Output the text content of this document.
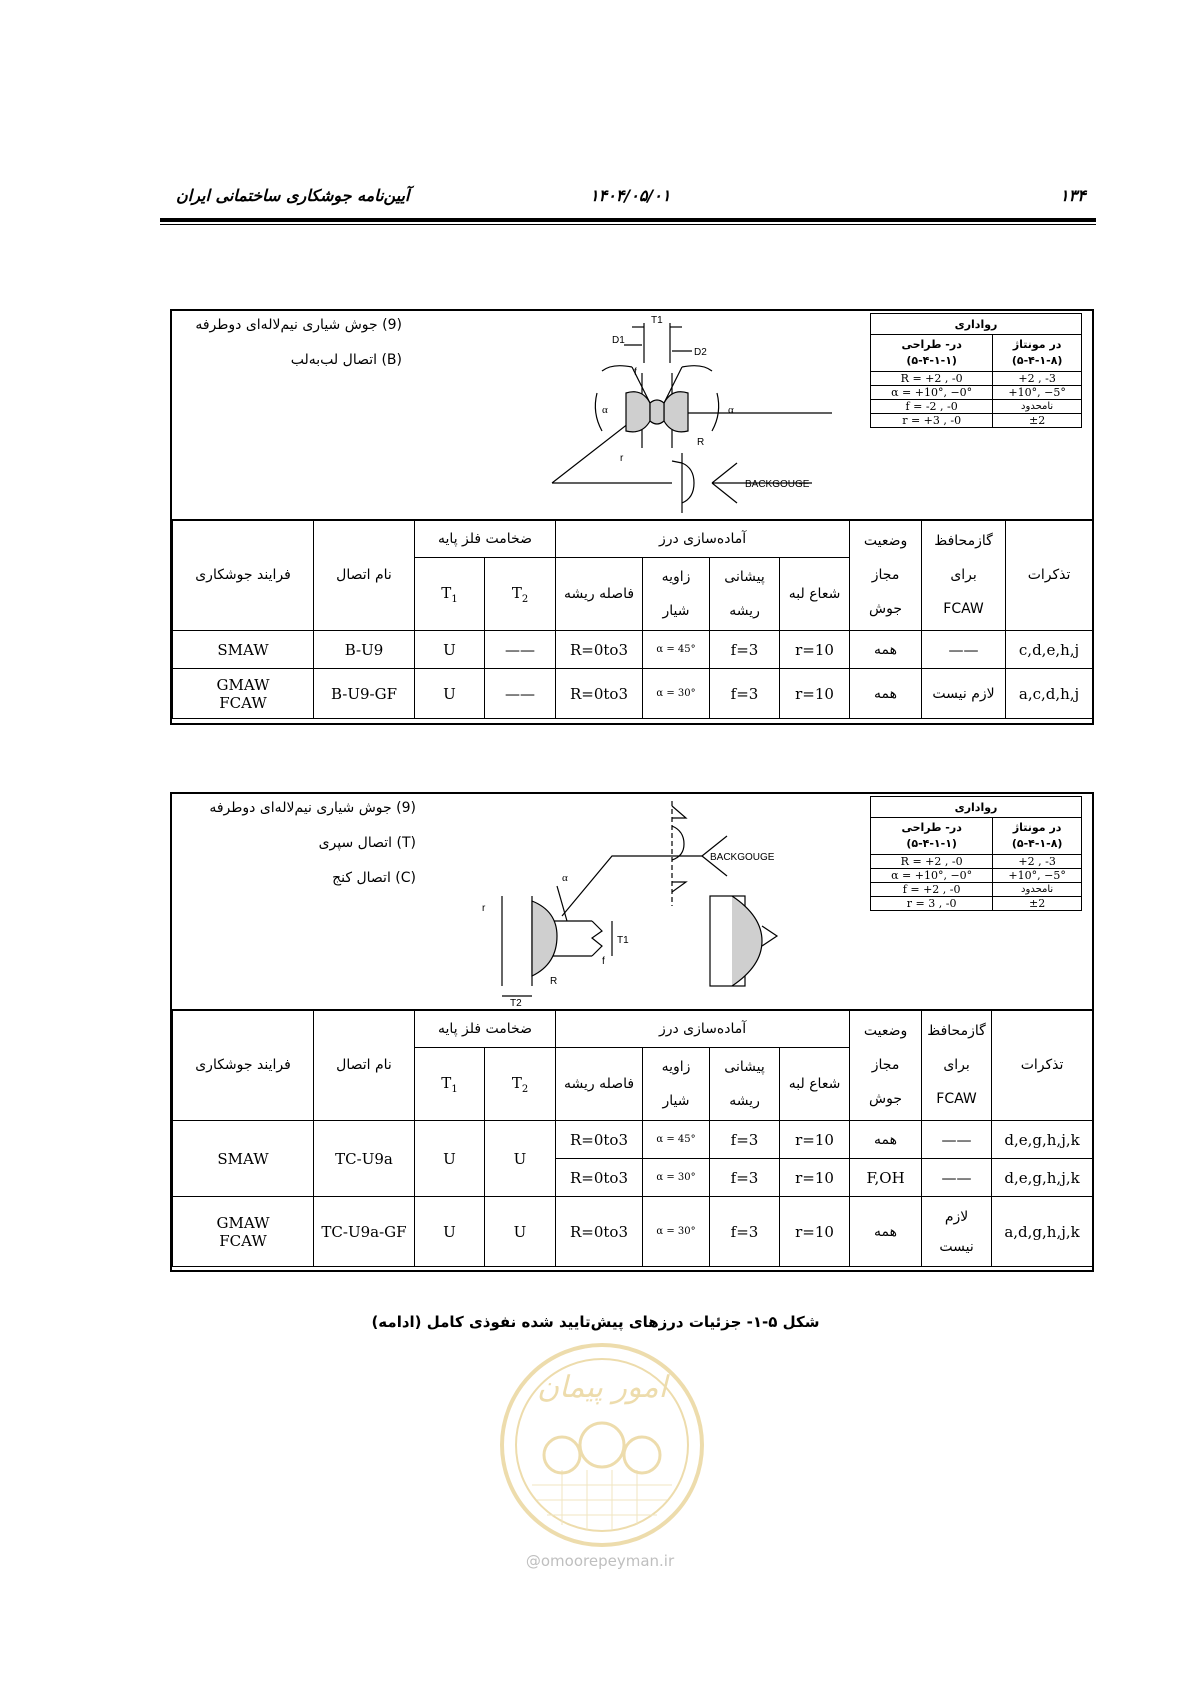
۱۳۴
۱۴۰۴/۰۵/۰۱
آیین‌نامه جوشکاری ساختمانی ایران
(9) جوش شیاری نیم‌لاله‌ای دوطرفه
(B) اتصال لب‌به‌لب
T1
D1
D2
f
α	α
r
R
BACKGOUGE
رواداری	
در- طراحی
(۵-۴-۱-۱)	در مونتاژ
(۵-۴-۱-۸)
R = +2 , -0	+2 , -3
α = +10°, −0°	+10°, −5°
f = -2 , -0	نامحدود
r = +3 , -0	±2
فرایند جوشکاری	نام اتصال	ضخامت فلز پایه		آماده‌سازی درز				وضعیت مجاز جوش	گازمحافظ برای FCAW	تذکرات
		$T_1$	$T_2$	فاصله ریشه	زاویه شیار	پیشانی ریشه	شعاع لبه			
SMAW	B-U9	U	——	R=0to3	α = 45°	f=3	r=10	همه	——	c,d,e,h,j
GMAW
FCAW	B-U9-GF	U	——	R=0to3	α = 30°	f=3	r=10	همه	لازم نیست	a,c,d,h,j
(9) جوش شیاری نیم‌لاله‌ای دوطرفه
(T) اتصال سپری
(C) اتصال کنج
BACKGOUGE
α
r
T1
f
R
T2
رواداری	
در- طراحی
(۵-۴-۱-۱)	در مونتاژ
(۵-۴-۱-۸)
R = +2 , -0	+2 , -3
α = +10°, −0°	+10°, −5°
f = +2 , -0	نامحدود
r = 3 , -0	±2
فرایند جوشکاری	نام اتصال	ضخامت فلز پایه		آماده‌سازی درز				وضعیت مجاز جوش	گازمحافظ برای FCAW	تذکرات
		$T_1$	$T_2$	فاصله ریشه	زاویه شیار	پیشانی ریشه	شعاع لبه			
SMAW	TC-U9a	U	U	R=0to3	α = 45°	f=3	r=10	همه	——	d,e,g,h,j,k
				R=0to3	α = 30°	f=3	r=10	F,OH	——	d,e,g,h,j,k
GMAW
FCAW	TC-U9a-GF	U	U	R=0to3	α = 30°	f=3	r=10	همه	لازم نیست	a,d,g,h,j,k
شکل ۵-۱- جزئیات درزهای پیش‌تایید شده نفوذی کامل (ادامه)
امور پیمان
@omoorepeyman.ir
